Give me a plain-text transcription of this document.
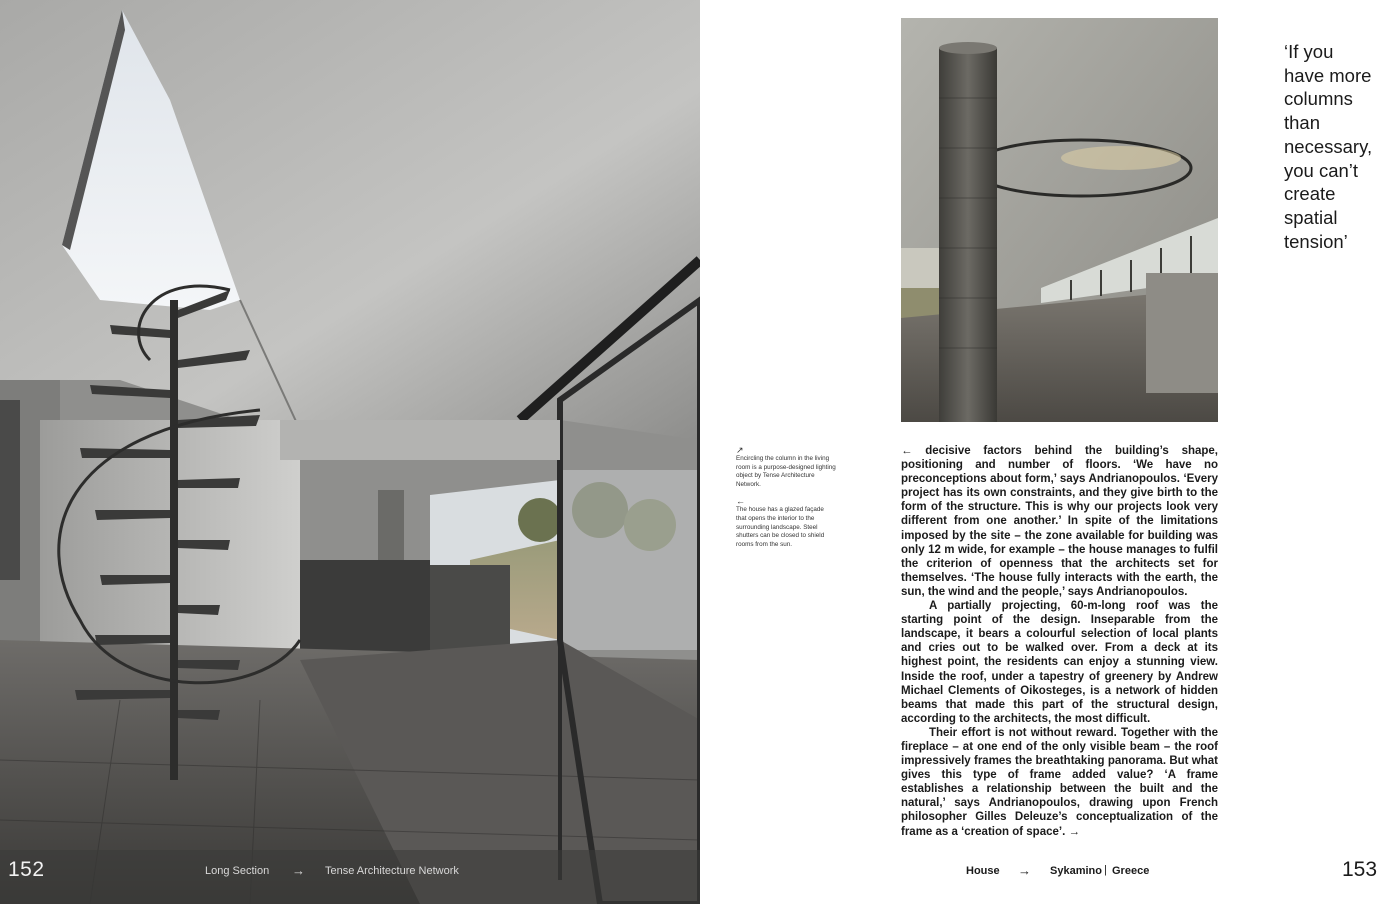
152	Long Section → Tense Architecture Network

‘If you

have more

columns

than

necessary,

you can’t

create

spatial

tension’

↗
Encircling the column in the living room is a purpose-designed lighting object by Tense Architecture Network.
←
The house has a glazed façade that opens the interior to the surrounding landscape. Steel shutters can be closed to shield rooms from the sun.

← decisive factors behind the building’s shape, positioning and number of floors. ‘We have no preconceptions about form,’ says Andrianopoulos. ‘Every project has its own constraints, and they give birth to the form of the structure. This is why our projects look very different from one another.’ In spite of the limitations imposed by the site – the zone available for building was only 12 m wide, for example – the house manages to fulfil the criterion of openness that the architects set for themselves. ‘The house fully interacts with the earth, the sun, the wind and the people,’ says Andrianopoulos.

A partially projecting, 60-m-long roof was the starting point of the design. Inseparable from the landscape, it bears a colourful selection of local plants and cries out to be walked over. From a deck at its highest point, the residents can enjoy a stunning view. Inside the roof, under a tapestry of greenery by Andrew Michael Clements of Oikosteges, is a network of hidden beams that made this part of the structural design, according to the architects, the most difficult.

Their effort is not without reward. Together with the fireplace – at one end of the only visible beam – the roof impressively frames the breathtaking panorama. But what gives this type of frame added value? ‘A frame establishes a relationship between the built and the natural,’ says Andrianopoulos, drawing upon French philosopher Gilles Deleuze’s conceptualization of the frame as a ‘creation of space’. →

House → Sykamino | Greece	153
